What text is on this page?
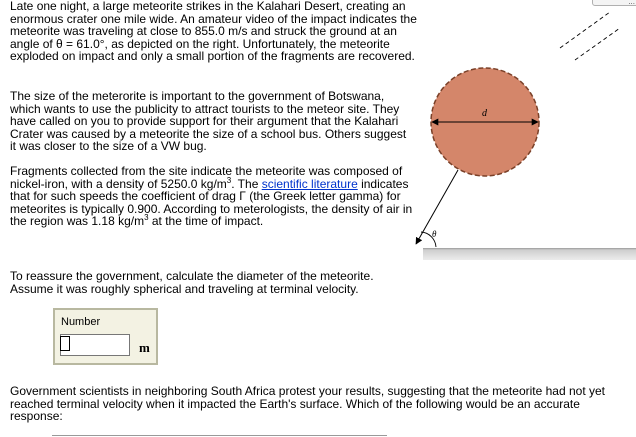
Late one night, a large meteorite strikes in the Kalahari Desert, creating an enormous crater one mile wide. An amateur video of the impact indicates the meteorite was traveling at close to 855.0 m/s and struck the ground at an angle of θ = 61.0°, as depicted on the right. Unfortunately, the meteorite exploded on impact and only a small portion of the fragments are recovered.

The size of the meterorite is important to the government of Botswana, which wants to use the publicity to attract tourists to the meteor site. They have called on you to provide support for their argument that the Kalahari Crater was caused by a meteorite the size of a school bus. Others suggest it was closer to the size of a VW bug.

Fragments collected from the site indicate the meteorite was composed of nickel-iron, with a density of 5250.0 $kg/m^3$. The scientific literature indicates that for such speeds the coefficient of drag Γ (the Greek letter gamma) for meteorites is typically 0.900. According to meterologists, the density of air in the region was 1.18 $kg/m^3$ at the time of impact.

To reassure the government, calculate the diameter of the meteorite. Assume it was roughly spherical and traveling at terminal velocity.

Number
m

Government scientists in neighboring South Africa protest your results, suggesting that the meteorite had not yet reached terminal velocity when it impacted the Earth's surface. Which of the following would be an accurate response:

...
d
θ
